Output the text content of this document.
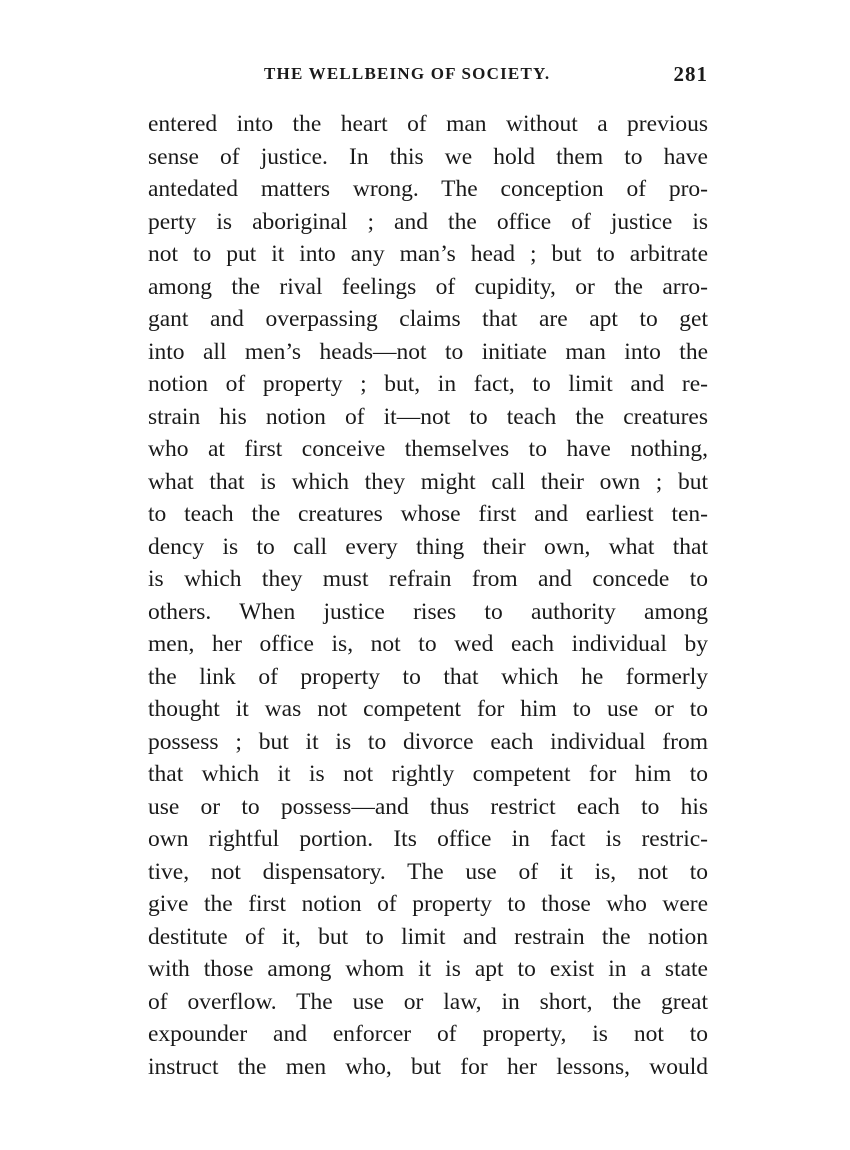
THE WELLBEING OF SOCIETY.	281
entered into the heart of man without a previous
sense of justice. In this we hold them to have
antedated matters wrong. The conception of pro-
perty is aboriginal ; and the office of justice is
not to put it into any man’s head ; but to arbitrate
among the rival feelings of cupidity, or the arro-
gant and overpassing claims that are apt to get
into all men’s heads—not to initiate man into the
notion of property ; but, in fact, to limit and re-
strain his notion of it—not to teach the creatures
who at first conceive themselves to have nothing,
what that is which they might call their own ; but
to teach the creatures whose first and earliest ten-
dency is to call every thing their own, what that
is which they must refrain from and concede to
others. When justice rises to authority among
men, her office is, not to wed each individual by
the link of property to that which he formerly
thought it was not competent for him to use or to
possess ; but it is to divorce each individual from
that which it is not rightly competent for him to
use or to possess—and thus restrict each to his
own rightful portion. Its office in fact is restric-
tive, not dispensatory. The use of it is, not to
give the first notion of property to those who were
destitute of it, but to limit and restrain the notion
with those among whom it is apt to exist in a state
of overflow. The use or law, in short, the great
expounder and enforcer of property, is not to
instruct the men who, but for her lessons, would
